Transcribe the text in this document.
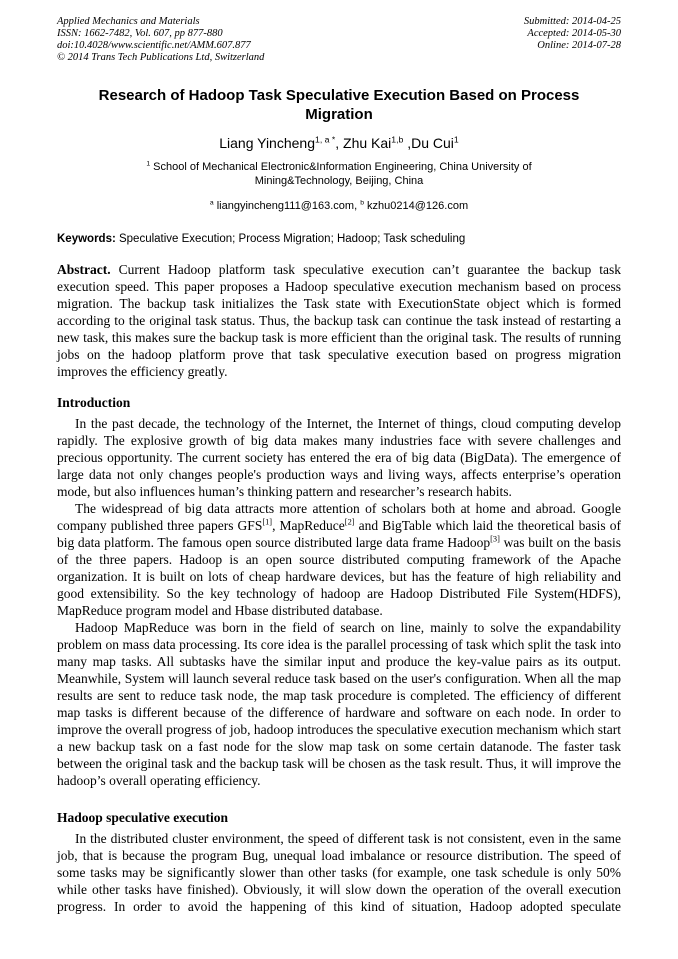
Applied Mechanics and Materials
ISSN: 1662-7482, Vol. 607, pp 877-880
doi:10.4028/www.scientific.net/AMM.607.877
© 2014 Trans Tech Publications Ltd, Switzerland
Submitted: 2014-04-25
Accepted: 2014-05-30
Online: 2014-07-28
Research of Hadoop Task Speculative Execution Based on Process Migration
Liang Yincheng$^{1, a *}$, Zhu Kai$^{1,b}$ ,Du Cui$^1$
$^1$ School of Mechanical Electronic&Information Engineering, China University of Mining&Technology, Beijing, China
$^a$ liangyincheng111@163.com, $^b$ kzhu0214@126.com
Keywords: Speculative Execution; Process Migration; Hadoop; Task scheduling

Abstract. Current Hadoop platform task speculative execution can’t guarantee the backup task execution speed. This paper proposes a Hadoop speculative execution mechanism based on process migration. The backup task initializes the Task state with ExecutionState object which is formed according to the original task status. Thus, the backup task can continue the task instead of restarting a new task, this makes sure the backup task is more efficient than the original task. The results of running jobs on the hadoop platform prove that task speculative execution based on progress migration improves the efficiency greatly.

Introduction

In the past decade, the technology of the Internet, the Internet of things, cloud computing develop rapidly. The explosive growth of big data makes many industries face with severe challenges and precious opportunity. The current society has entered the era of big data (BigData). The emergence of large data not only changes people's production ways and living ways, affects enterprise’s operation mode, but also influences human’s thinking pattern and researcher’s research habits.

The widespread of big data attracts more attention of scholars both at home and abroad. Google company published three papers GFS[1], MapReduce[2] and BigTable which laid the theoretical basis of big data platform. The famous open source distributed large data frame Hadoop[3] was built on the basis of the three papers. Hadoop is an open source distributed computing framework of the Apache organization. It is built on lots of cheap hardware devices, but has the feature of high reliability and good extensibility. So the key technology of hadoop are Hadoop Distributed File System(HDFS), MapReduce program model and Hbase distributed database.

Hadoop MapReduce was born in the field of search on line, mainly to solve the expandability problem on mass data processing. Its core idea is the parallel processing of task which split the task into many map tasks. All subtasks have the similar input and produce the key-value pairs as its output. Meanwhile, System will launch several reduce task based on the user's configuration. When all the map results are sent to reduce task node, the map task procedure is completed. The efficiency of different map tasks is different because of the difference of hardware and software on each node. In order to improve the overall progress of job, hadoop introduces the speculative execution mechanism which start a new backup task on a fast node for the slow map task on some certain datanode. The faster task between the original task and the backup task will be chosen as the task result. Thus, it will improve the hadoop’s overall operating efficiency.

Hadoop speculative execution

In the distributed cluster environment, the speed of different task is not consistent, even in the same job, that is because the program Bug, unequal load imbalance or resource distribution. The speed of some tasks may be significantly slower than other tasks (for example, one task schedule is only 50% while other tasks have finished). Obviously, it will slow down the operation of the overall execution progress. In order to avoid the happening of this kind of situation, Hadoop adopted speculate
